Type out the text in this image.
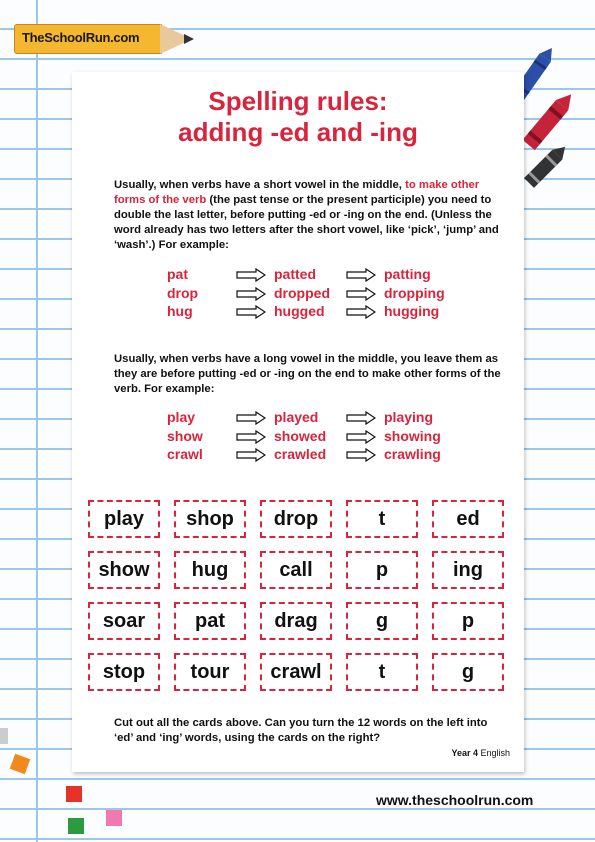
TheSchoolRun.com
Spelling rules:
adding -ed and -ing

Usually, when verbs have a short vowel in the middle, to make other forms of the verb (the past tense or the present participle) you need to double the last letter, before putting -ed or -ing on the end. (Unless the word already has two letters after the short vowel, like ‘pick’, ‘jump’ and ‘wash’.) For example:

pat	patted	patting
drop	dropped	dropping
hug	hugged	hugging

Usually, when verbs have a long vowel in the middle, you leave them as they are before putting -ed or -ing on the end to make other forms of the verb. For example:

play	played	playing
show	showed	showing
crawl	crawled	crawling
play	shop	drop	t	ed
show	hug	call	p	ing
soar	pat	drag	g	p
stop	tour	crawl	t	g

Cut out all the cards above. Can you turn the 12 words on the left into ‘ed’ and ‘ing’ words, using the cards on the right?

Year 4 English
www.theschoolrun.com
